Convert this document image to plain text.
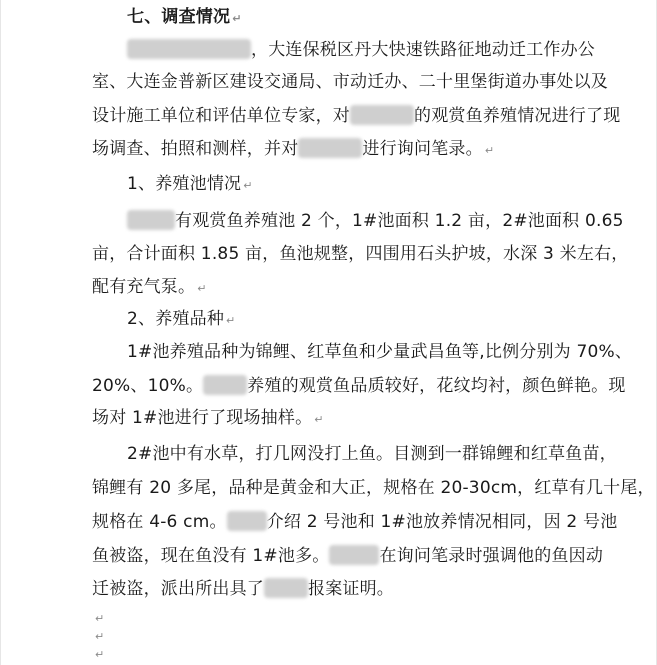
七、调查情况 ↵
，大连保税区丹大快速铁路征地动迁工作办公
室、大连金普新区建设交通局、市动迁办、二十里堡街道办事处以及
设计施工单位和评估单位专家，对	的观赏鱼养殖情况进行了现
场调查、拍照和测样，并对	进行询问笔录。 ↵
1、养殖池情况 ↵
有观赏鱼养殖池 2 个，1#池面积 1.2 亩，2#池面积 0.65
亩，合计面积 1.85 亩，鱼池规整，四围用石头护坡，水深 3 米左右，
配有充气泵。 ↵
2、养殖品种 ↵
1#池养殖品种为锦鲤、红草鱼和少量武昌鱼等,比例分别为 70%、
20%、10%。	养殖的观赏鱼品质较好，花纹均衬，颜色鲜艳。现
场对 1#池进行了现场抽样。 ↵
2#池中有水草，打几网没打上鱼。目测到一群锦鲤和红草鱼苗，
锦鲤有 20 多尾，品种是黄金和大正，规格在 20-30cm，红草有几十尾，
规格在 4-6 cm。 介绍 2 号池和 1#池放养情况相同，因 2 号池
鱼被盗，现在鱼没有 1#池多。	在询问笔录时强调他的鱼因动
迁被盗，派出所出具了	报案证明。
↵
↵
↵
